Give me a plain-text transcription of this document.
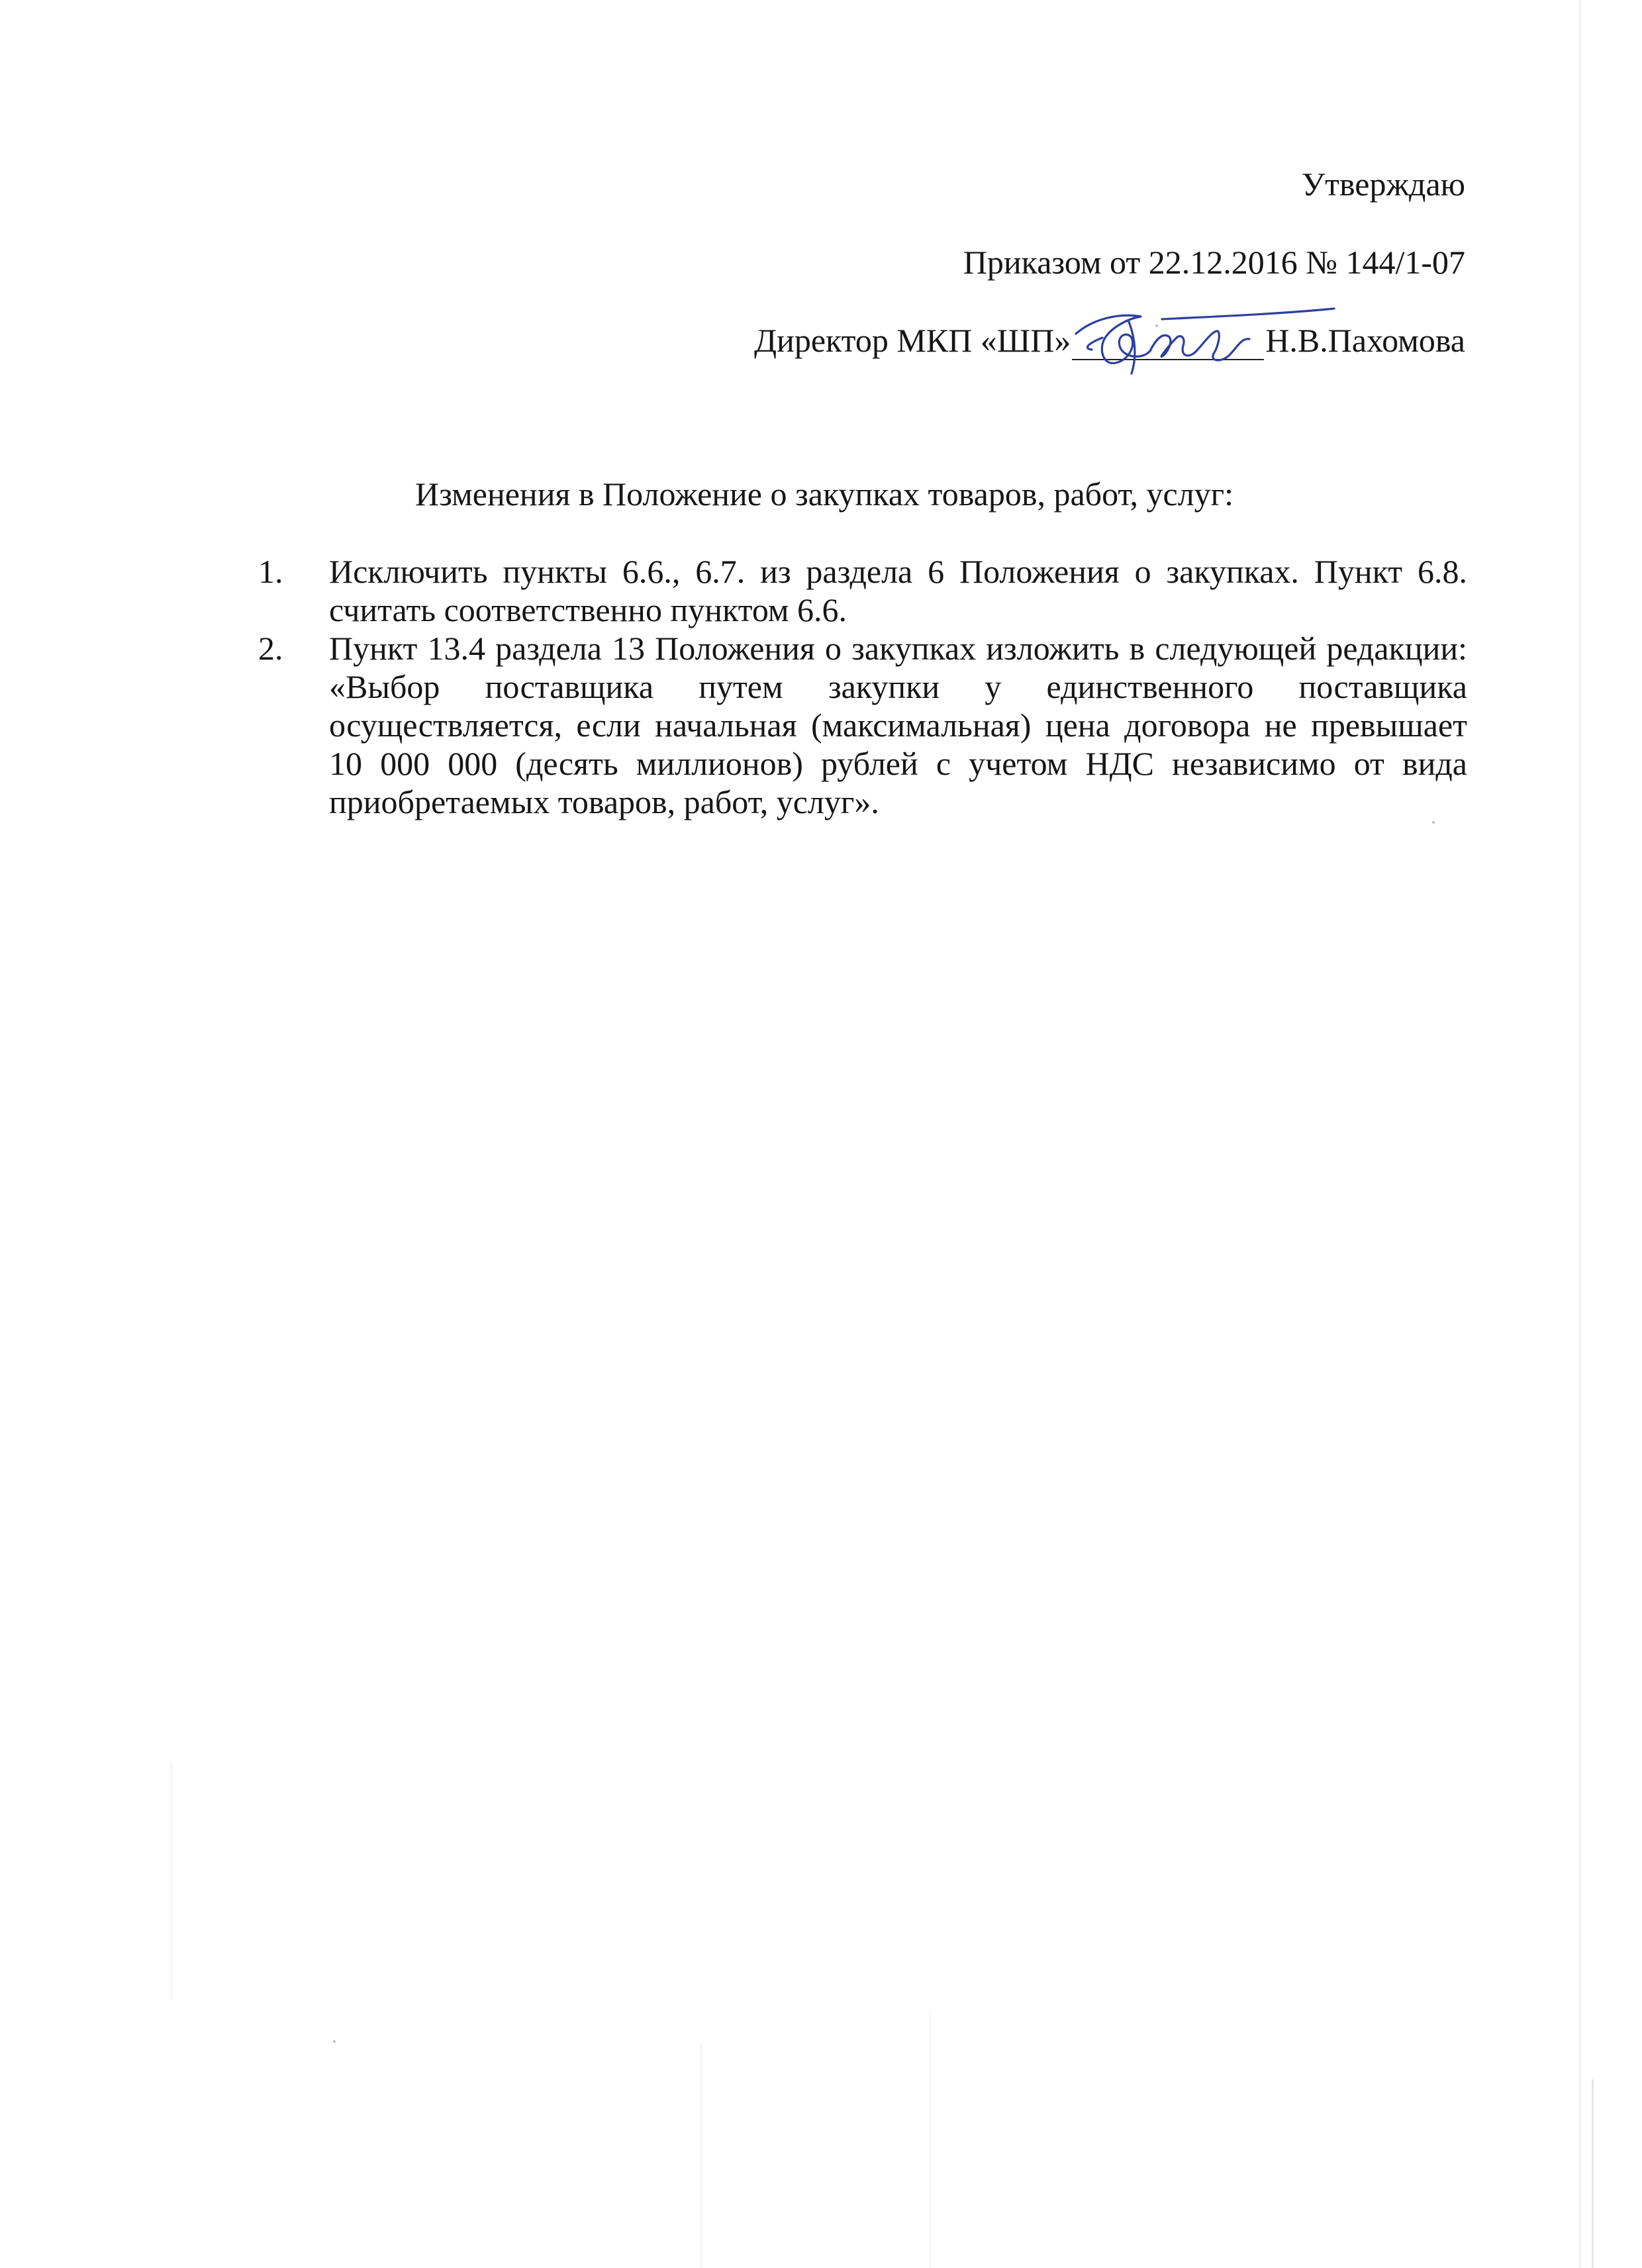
Утверждаю
Приказом от 22.12.2016 № 144/1-07
Директор МКП «ШП»	Н.В.Пахомова
Изменения в Положение о закупках товаров, работ, услуг:
1. Исключить пункты 6.6., 6.7. из раздела 6 Положения о закупках. Пункт 6.8. считать соответственно пунктом 6.6.
2. Пункт 13.4 раздела 13 Положения о закупках изложить в следующей редакции: «Выбор поставщика путем закупки у единственного поставщика осуществляется, если начальная (максимальная) цена договора не превышает 10 000 000 (десять миллионов) рублей с учетом НДС независимо от вида приобретаемых товаров, работ, услуг».
